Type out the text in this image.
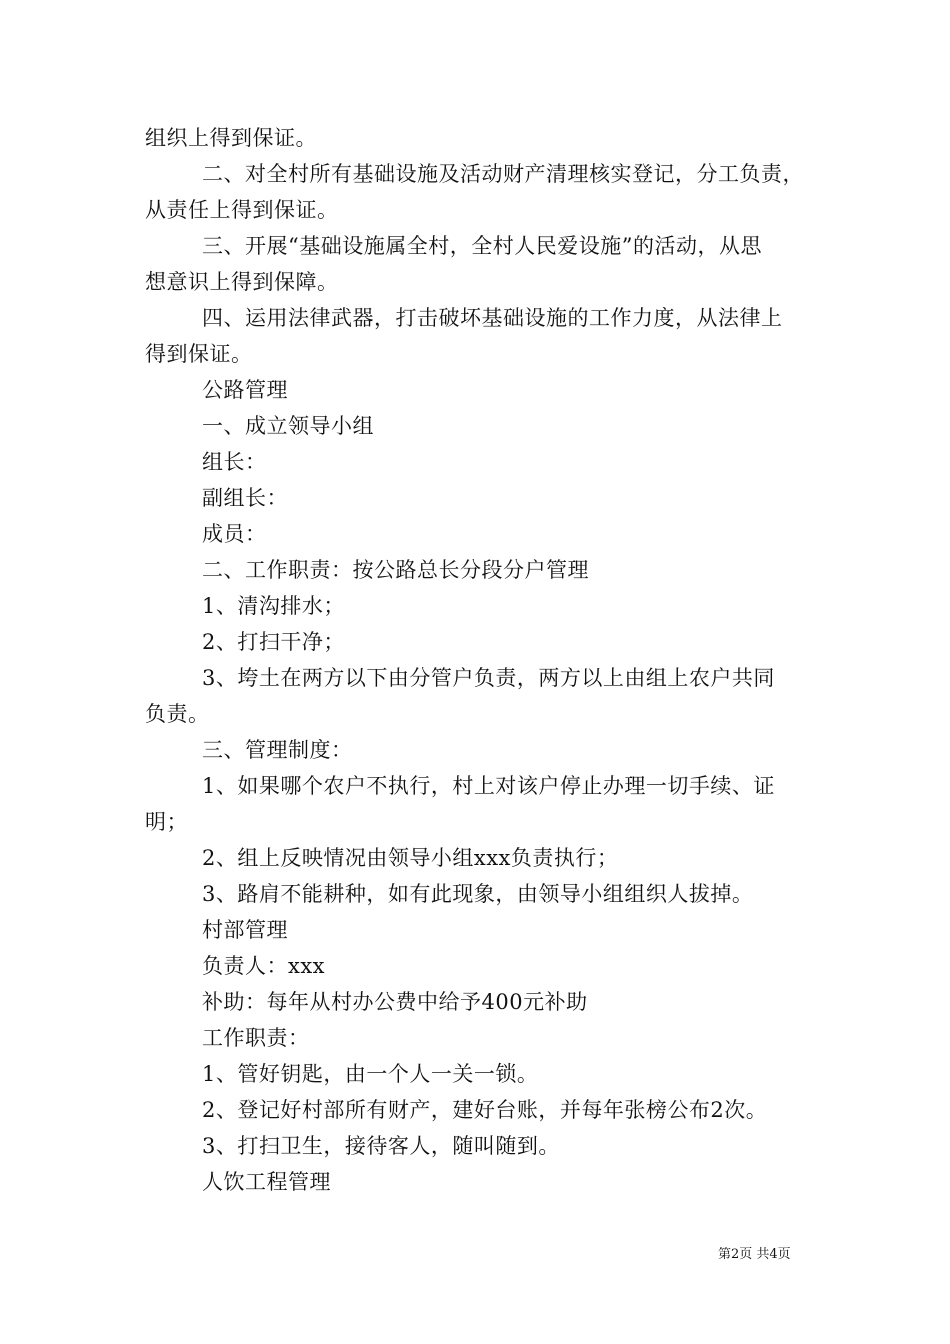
组织上得到保证。
二、对全村所有基础设施及活动财产清理核实登记，分工负责，
从责任上得到保证。
三、开展“基础设施属全村，全村人民爱设施”的活动，从思
想意识上得到保障。
四、运用法律武器，打击破坏基础设施的工作力度，从法律上
得到保证。
公路管理
一、成立领导小组
组长：
副组长：
成员：
二、工作职责：按公路总长分段分户管理
1、清沟排水；
2、打扫干净；
3、垮土在两方以下由分管户负责，两方以上由组上农户共同
负责。
三、管理制度：
1、如果哪个农户不执行，村上对该户停止办理一切手续、证
明；
2、组上反映情况由领导小组xxx负责执行；
3、路肩不能耕种，如有此现象，由领导小组组织人拔掉。
村部管理
负责人：xxx
补助：每年从村办公费中给予400元补助
工作职责：
1、管好钥匙，由一个人一关一锁。
2、登记好村部所有财产，建好台账，并每年张榜公布2次。
3、打扫卫生，接待客人，随叫随到。
人饮工程管理
第2页 共4页
